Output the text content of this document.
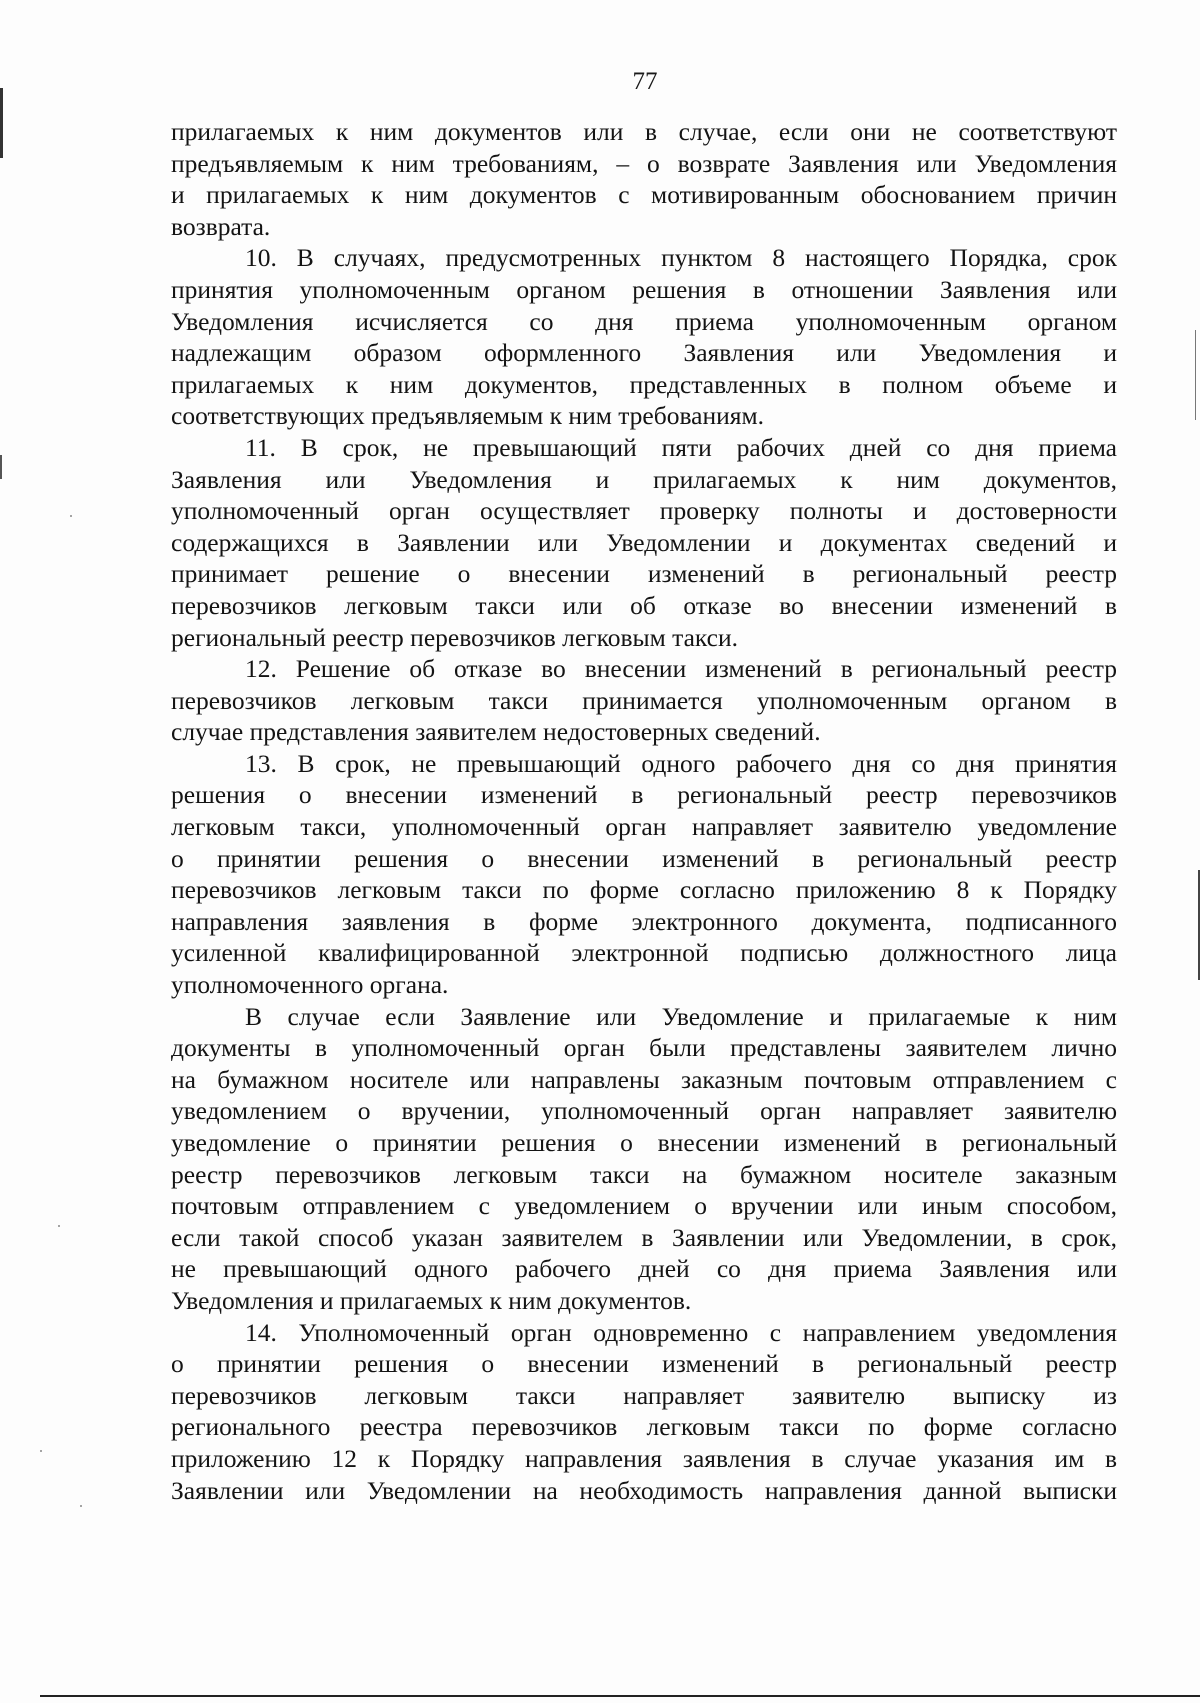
77
прилагаемых к ним документов или в случае, если они не соответствуют
предъявляемым к ним требованиям, – о возврате Заявления или Уведомления
и прилагаемых к ним документов с мотивированным обоснованием причин
возврата.
10. В случаях, предусмотренных пунктом 8 настоящего Порядка, срок
принятия уполномоченным органом решения в отношении Заявления или
Уведомления исчисляется со дня приема уполномоченным органом
надлежащим образом оформленного Заявления или Уведомления и
прилагаемых к ним документов, представленных в полном объеме и
соответствующих предъявляемым к ним требованиям.
11. В срок, не превышающий пяти рабочих дней со дня приема
Заявления или Уведомления и прилагаемых к ним документов,
уполномоченный орган осуществляет проверку полноты и достоверности
содержащихся в Заявлении или Уведомлении и документах сведений и
принимает решение о внесении изменений в региональный реестр
перевозчиков легковым такси или об отказе во внесении изменений в
региональный реестр перевозчиков легковым такси.
12. Решение об отказе во внесении изменений в региональный реестр
перевозчиков легковым такси принимается уполномоченным органом в
случае представления заявителем недостоверных сведений.
13. В срок, не превышающий одного рабочего дня со дня принятия
решения о внесении изменений в региональный реестр перевозчиков
легковым такси, уполномоченный орган направляет заявителю уведомление
о принятии решения о внесении изменений в региональный реестр
перевозчиков легковым такси по форме согласно приложению 8 к Порядку
направления заявления в форме электронного документа, подписанного
усиленной квалифицированной электронной подписью должностного лица
уполномоченного органа.
В случае если Заявление или Уведомление и прилагаемые к ним
документы в уполномоченный орган были представлены заявителем лично
на бумажном носителе или направлены заказным почтовым отправлением с
уведомлением о вручении, уполномоченный орган направляет заявителю
уведомление о принятии решения о внесении изменений в региональный
реестр перевозчиков легковым такси на бумажном носителе заказным
почтовым отправлением с уведомлением о вручении или иным способом,
если такой способ указан заявителем в Заявлении или Уведомлении, в срок,
не превышающий одного рабочего дней со дня приема Заявления или
Уведомления и прилагаемых к ним документов.
14. Уполномоченный орган одновременно с направлением уведомления
о принятии решения о внесении изменений в региональный реестр
перевозчиков легковым такси направляет заявителю выписку из
регионального реестра перевозчиков легковым такси по форме согласно
приложению 12 к Порядку направления заявления в случае указания им в
Заявлении или Уведомлении на необходимость направления данной выписки
